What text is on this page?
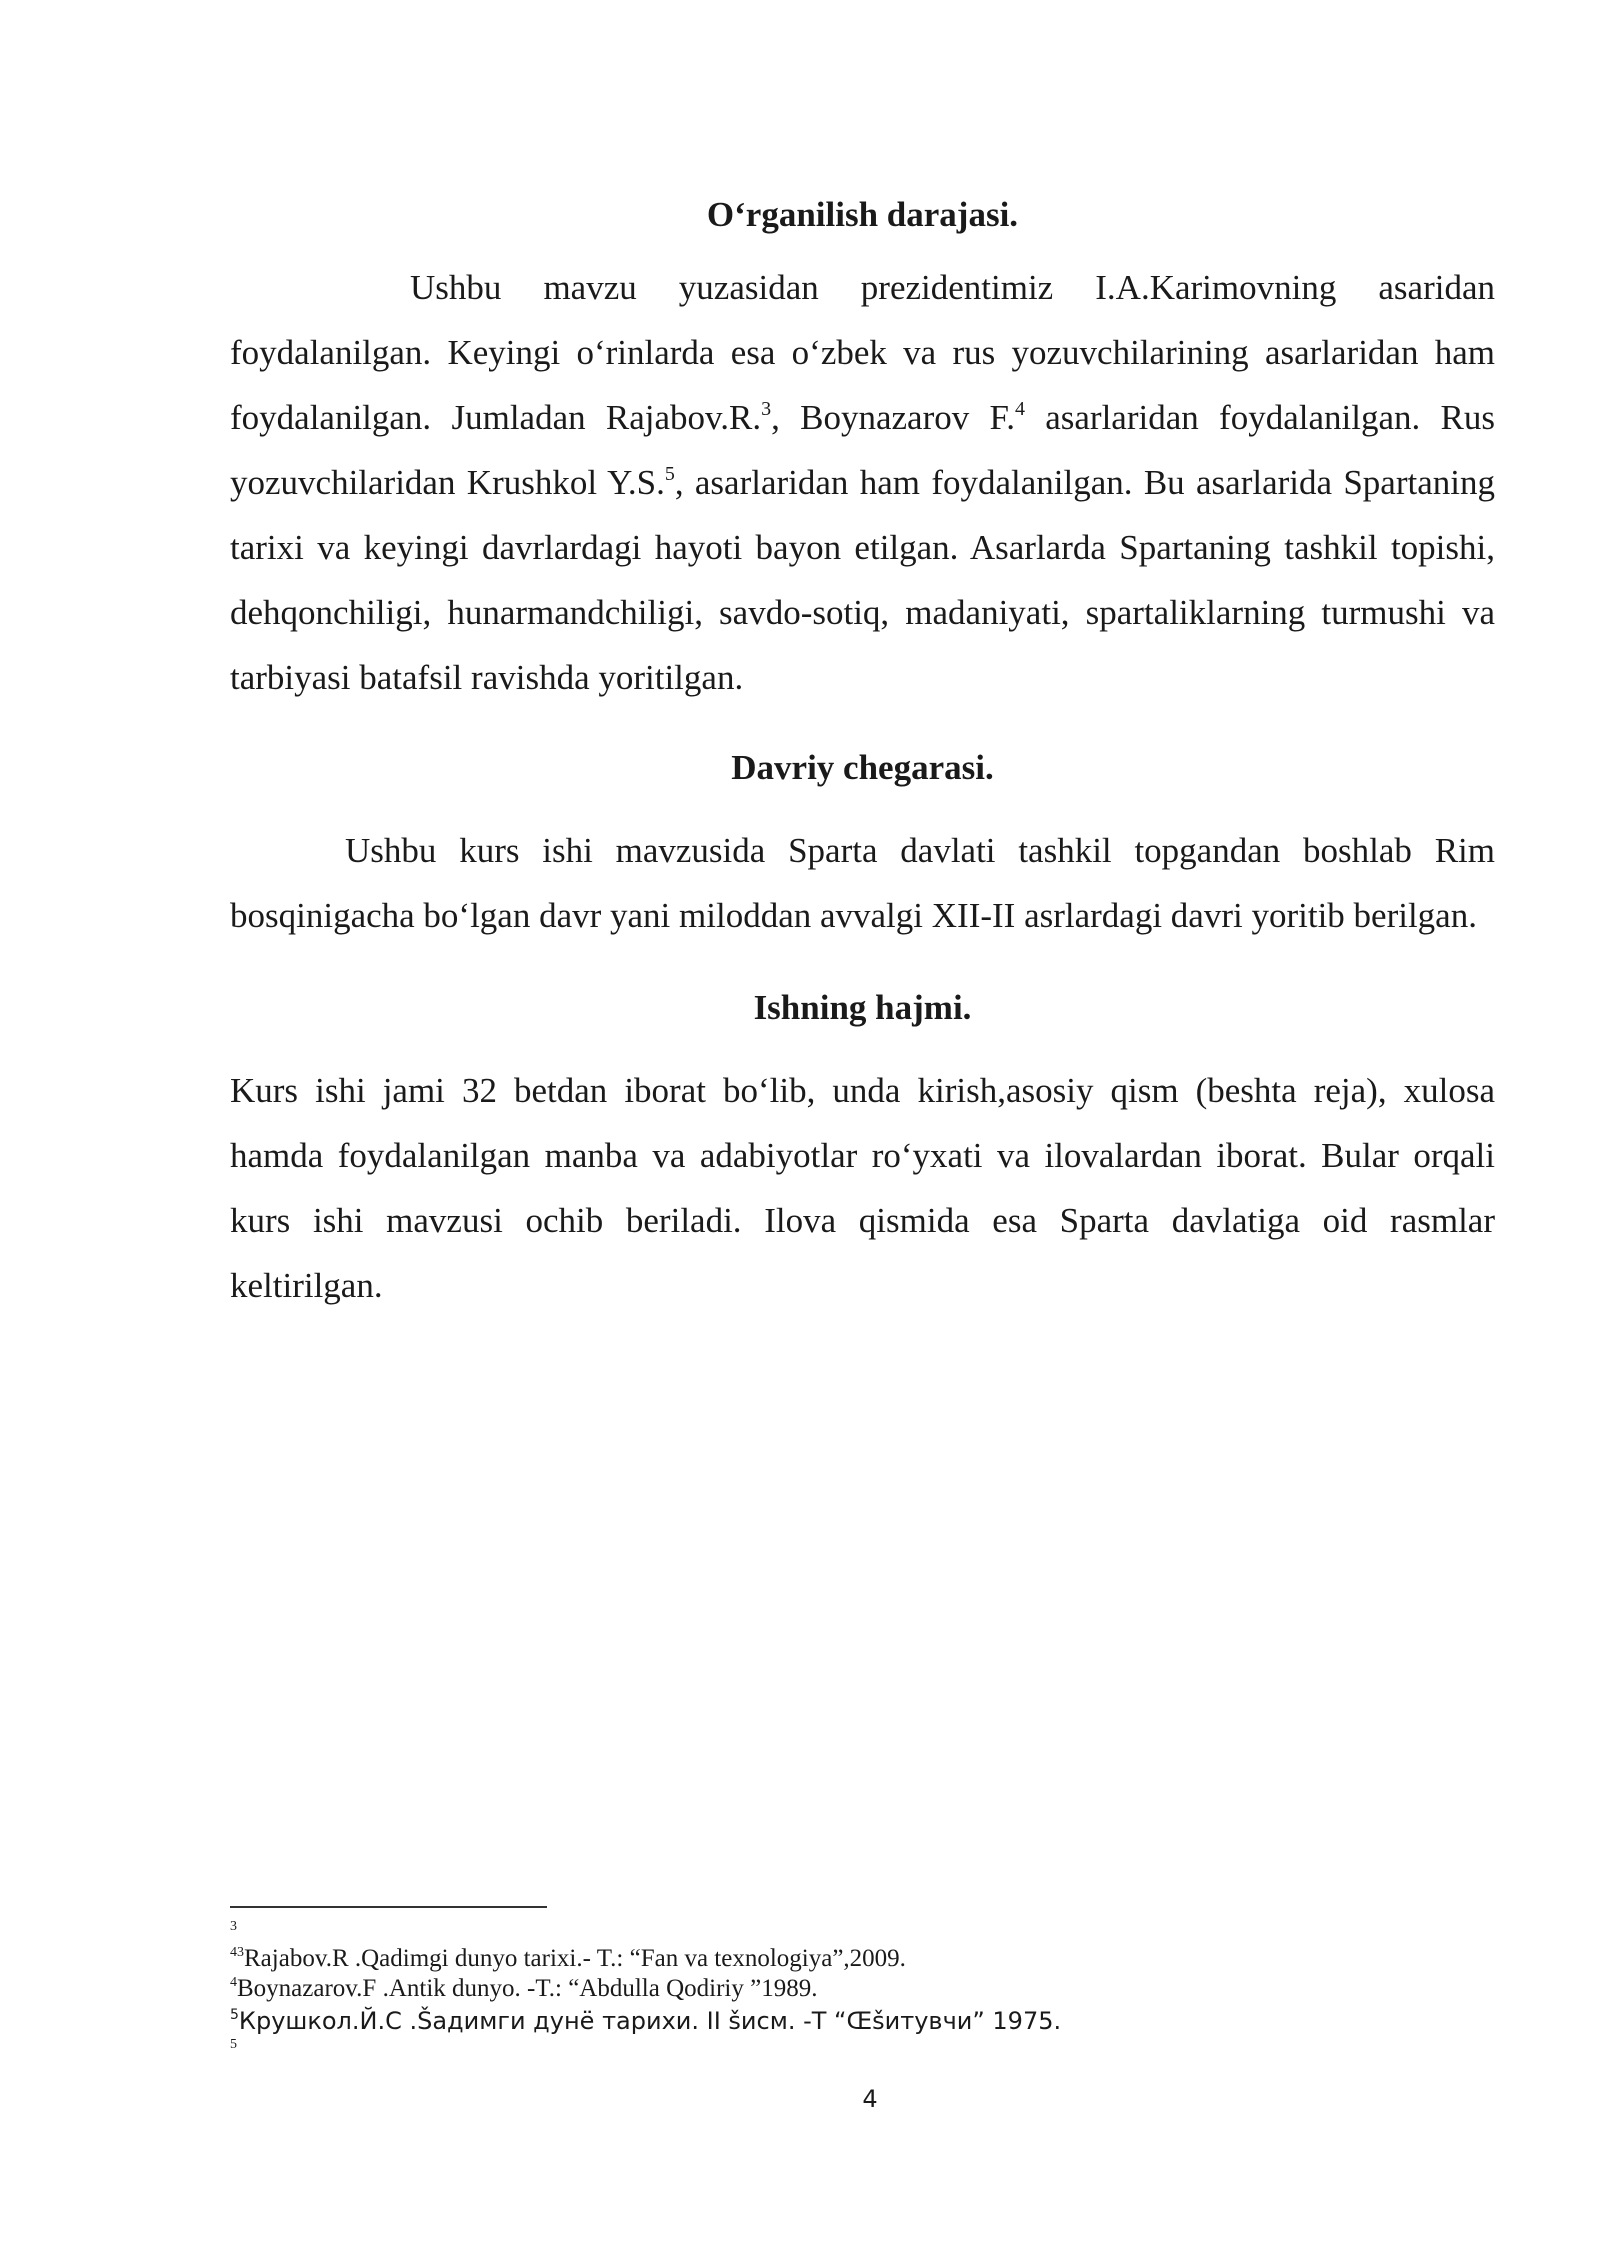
O‘rganilish darajasi.

Ushbu mavzu yuzasidan prezidentimiz I.A.Karimovning asaridan foydalanilgan. Keyingi o‘rinlarda esa o‘zbek va rus yozuvchilarining asarlaridan ham foydalanilgan. Jumladan Rajabov.R.$^3$, Boynazarov F.$^4$ asarlaridan foydalanilgan. Rus yozuvchilaridan Krushkol Y.S.$^5$, asarlaridan ham foydalanilgan. Bu asarlarida Spartaning tarixi va keyingi davrlardagi hayoti bayon etilgan. Asarlarda Spartaning tashkil topishi, dehqonchiligi, hunarmandchiligi, savdo-sotiq, madaniyati, spartaliklarning turmushi va tarbiyasi batafsil ravishda yoritilgan.

Davriy chegarasi.

Ushbu kurs ishi mavzusida Sparta davlati tashkil topgandan boshlab Rim bosqinigacha bo‘lgan davr yani miloddan avvalgi XII-II asrlardagi davri yoritib berilgan.

Ishning hajmi.

Kurs ishi jami 32 betdan iborat bo‘lib, unda kirish,asosiy qism (beshta reja), xulosa hamda foydalanilgan manba va adabiyotlar ro‘yxati va ilovalardan iborat. Bular orqali kurs ishi mavzusi ochib beriladi. Ilova qismida esa Sparta davlatiga oid rasmlar keltirilgan.

$^3$
$^{43}$Rajabov.R .Qadimgi dunyo tarixi.- T.: “Fan va texnologiya”,2009.
$^4$Boynazarov.F .Antik dunyo. -T.: “Abdulla Qodiriy ”1989.
$^5$Крушкол.Й.С .Šадимги дунё тарихи. II šисм. -Т “Œšитувчи” 1975.
$^5$
4
